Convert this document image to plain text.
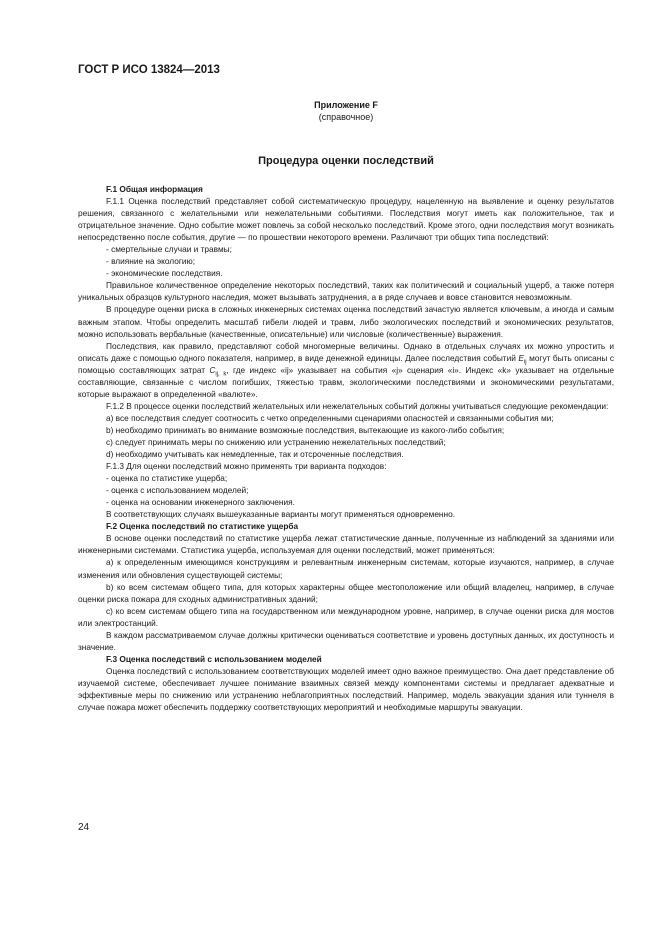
ГОСТ Р ИСО 13824—2013
Приложение F
(справочное)
Процедура оценки последствий

F.1 Общая информация

F.1.1 Оценка последствий представляет собой систематическую процедуру, нацеленную на выявление и оценку результатов решения, связанного с желательными или нежелательными событиями. Последствия могут иметь как положительное, так и отрицательное значение. Одно событие может повлечь за собой несколько последствий. Кроме этого, одни последствия могут возникать непосредственно после события, другие — по прошествии некоторого времени. Различают три общих типа последствий:

- смертельные случаи и травмы;

- влияние на экологию;

- экономические последствия.

Правильное количественное определение некоторых последствий, таких как политический и социальный ущерб, а также потеря уникальных образцов культурного наследия, может вызывать затруднения, а в ряде случаев и вовсе становится невозможным.

В процедуре оценки риска в сложных инженерных системах оценка последствий зачастую является ключевым, а иногда и самым важным этапом. Чтобы определить масштаб гибели людей и травм, либо экологических последствий и экономических результатов, можно использовать вербальные (качественные, описательные) или числовые (количественные) выражения.

Последствия, как правило, представляют собой многомерные величины. Однако в отдельных случаях их можно упростить и описать даже с помощью одного показателя, например, в виде денежной единицы. Далее последствия событий $E_{ij}$ могут быть описаны с помощью составляющих затрат $C_{ij, k}$, где индекс «ij» указывает на события «j» сценария «i». Индекс «k» указывает на отдельные составляющие, связанные с числом погибших, тяжестью травм, экологическими последствиями и экономическими результатами, которые выражают в определенной «валюте».

F.1.2 В процессе оценки последствий желательных или нежелательных событий должны учитываться следующие рекомендации:

а) все последствия следует соотносить с четко определенными сценариями опасностей и связанными события ми;

b) необходимо принимать во внимание возможные последствия, вытекающие из какого-либо события;

c) следует принимать меры по снижению или устранению нежелательных последствий;

d) необходимо учитывать как немедленные, так и отсроченные последствия.

F.1.3 Для оценки последствий можно применять три варианта подходов:

- оценка по статистике ущерба;

- оценка с использованием моделей;

- оценка на основании инженерного заключения.

В соответствующих случаях вышеуказанные варианты могут применяться одновременно.

F.2 Оценка последствий по статистике ущерба

В основе оценки последствий по статистике ущерба лежат статистические данные, полученные из наблюдений за зданиями или инженерными системами. Статистика ущерба, используемая для оценки последствий, может применяться:

а) к определенным имеющимся конструкциям и релевантным инженерным системам, которые изучаются, например, в случае изменения или обновления существующей системы;

b) ко всем системам общего типа, для которых характерны общее местоположение или общий владелец, например, в случае оценки риска пожара для сходных административных зданий;

c) ко всем системам общего типа на государственном или международном уровне, например, в случае оценки риска для мостов или электростанций.

В каждом рассматриваемом случае должны критически оцениваться соответствие и уровень доступных данных, их доступность и значение.

F.3 Оценка последствий с использованием моделей

Оценка последствий с использованием соответствующих моделей имеет одно важное преимущество. Она дает представление об изучаемой системе, обеспечивает лучшее понимание взаимных связей между компонентами системы и предлагает адекватные и эффективные меры по снижению или устранению неблагоприятных последствий. Например, модель эвакуации здания или туннеля в случае пожара может обеспечить поддержку соответствующих мероприятий и необходимые маршруты эвакуации.

24
